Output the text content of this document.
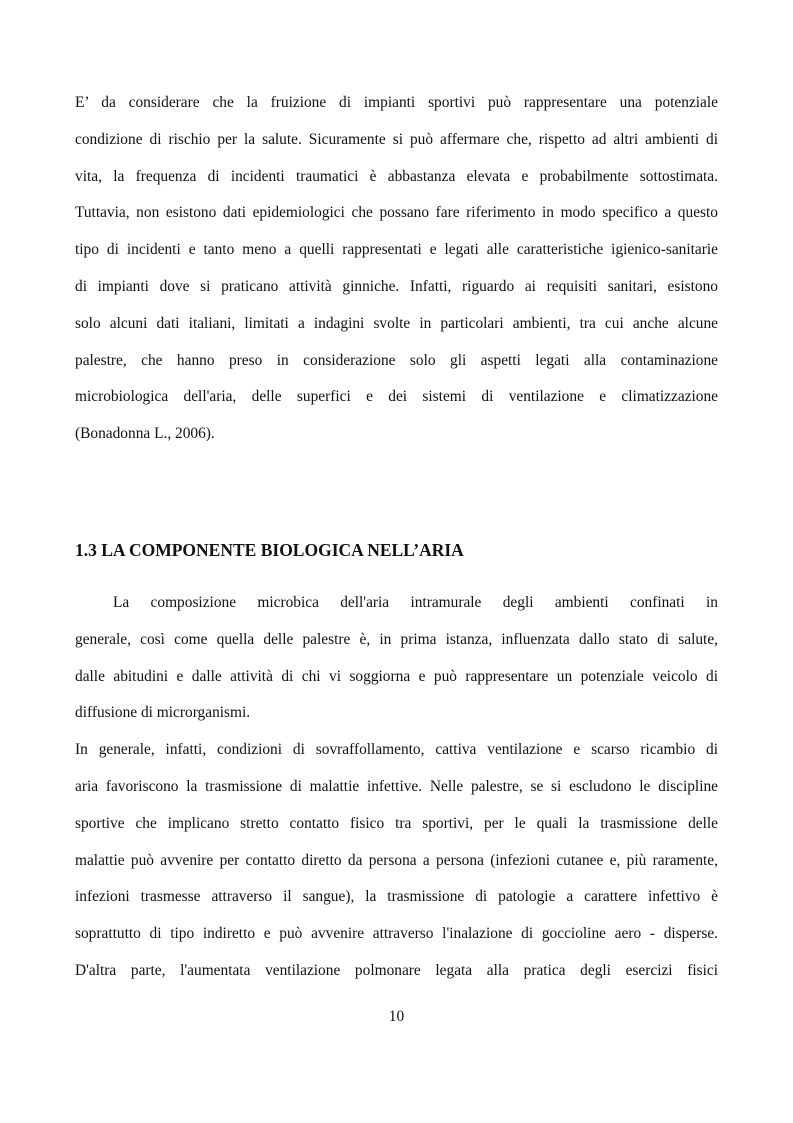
E’ da considerare che la fruizione di impianti sportivi può rappresentare una potenziale
condizione di rischio per la salute. Sicuramente si può affermare che, rispetto ad altri ambienti di
vita, la frequenza di incidenti traumatici è abbastanza elevata e probabilmente sottostimata.
Tuttavia, non esistono dati epidemiologici che possano fare riferimento in modo specifico a questo
tipo di incidenti e tanto meno a quelli rappresentati e legati alle caratteristiche igienico-sanitarie
di impianti dove si praticano attività ginniche. Infatti, riguardo ai requisiti sanitari, esistono
solo alcuni dati italiani, limitati a indagini svolte in particolari ambienti, tra cui anche alcune
palestre, che hanno preso in considerazione solo gli aspetti legati alla contaminazione
microbiologica dell'aria, delle superfici e dei sistemi di ventilazione e climatizzazione
(Bonadonna L., 2006).

1.3 LA COMPONENTE BIOLOGICA NELL’ARIA

La composizione microbica dell'aria intramurale degli ambienti confinati in
generale, così come quella delle palestre è, in prima istanza, influenzata dallo stato di salute,
dalle abitudini e dalle attività di chi vi soggiorna e può rappresentare un potenziale veicolo di
diffusione di microrganismi.

In generale, infatti, condizioni di sovraffollamento, cattiva ventilazione e scarso ricambio di
aria favoriscono la trasmissione di malattie infettive. Nelle palestre, se si escludono le discipline
sportive che implicano stretto contatto fisico tra sportivi, per le quali la trasmissione delle
malattie può avvenire per contatto diretto da persona a persona (infezioni cutanee e, più raramente,
infezioni trasmesse attraverso il sangue), la trasmissione di patologie a carattere infettivo è
soprattutto di tipo indiretto e può avvenire attraverso l'inalazione di goccioline aero - disperse.
D'altra parte, l'aumentata ventilazione polmonare legata alla pratica degli esercizi fisici

10
